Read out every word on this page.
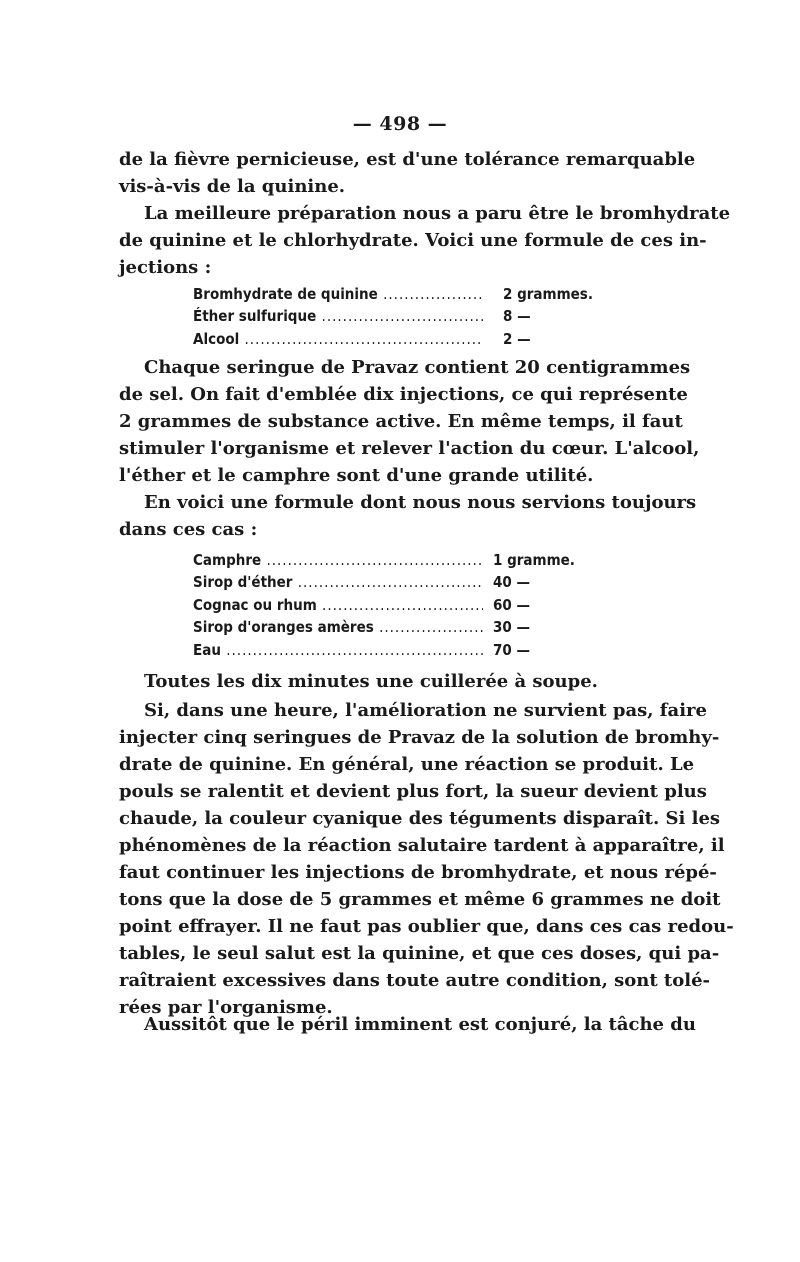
— 498 —
de la fièvre pernicieuse, est d'une tolérance remarquable
vis-à-vis de la quinine.
La meilleure préparation nous a paru être le bromhydrate
de quinine et le chlorhydrate. Voici une formule de ces in-
jections :
Bromhydrate de quinine .....	2 grammes.
Éther sulfurique .....	8 —
Alcool .....	2 —
Chaque seringue de Pravaz contient 20 centigrammes
de sel. On fait d'emblée dix injections, ce qui représente
2 grammes de substance active. En même temps, il faut
stimuler l'organisme et relever l'action du cœur. L'alcool,
l'éther et le camphre sont d'une grande utilité.
En voici une formule dont nous nous servions toujours
dans ces cas :
Camphre .....	1 gramme.
Sirop d'éther .....	40 —
Cognac ou rhum .....	60 —
Sirop d'oranges amères .....	30 —
Eau .....	70 —
Toutes les dix minutes une cuillerée à soupe.
Si, dans une heure, l'amélioration ne survient pas, faire
injecter cinq seringues de Pravaz de la solution de bromhy-
drate de quinine. En général, une réaction se produit. Le
pouls se ralentit et devient plus fort, la sueur devient plus
chaude, la couleur cyanique des téguments disparaît. Si les
phénomènes de la réaction salutaire tardent à apparaître, il
faut continuer les injections de bromhydrate, et nous répé-
tons que la dose de 5 grammes et même 6 grammes ne doit
point effrayer. Il ne faut pas oublier que, dans ces cas redou-
tables, le seul salut est la quinine, et que ces doses, qui pa-
raîtraient excessives dans toute autre condition, sont tolé-
rées par l'organisme.
Aussitôt que le péril imminent est conjuré, la tâche du
